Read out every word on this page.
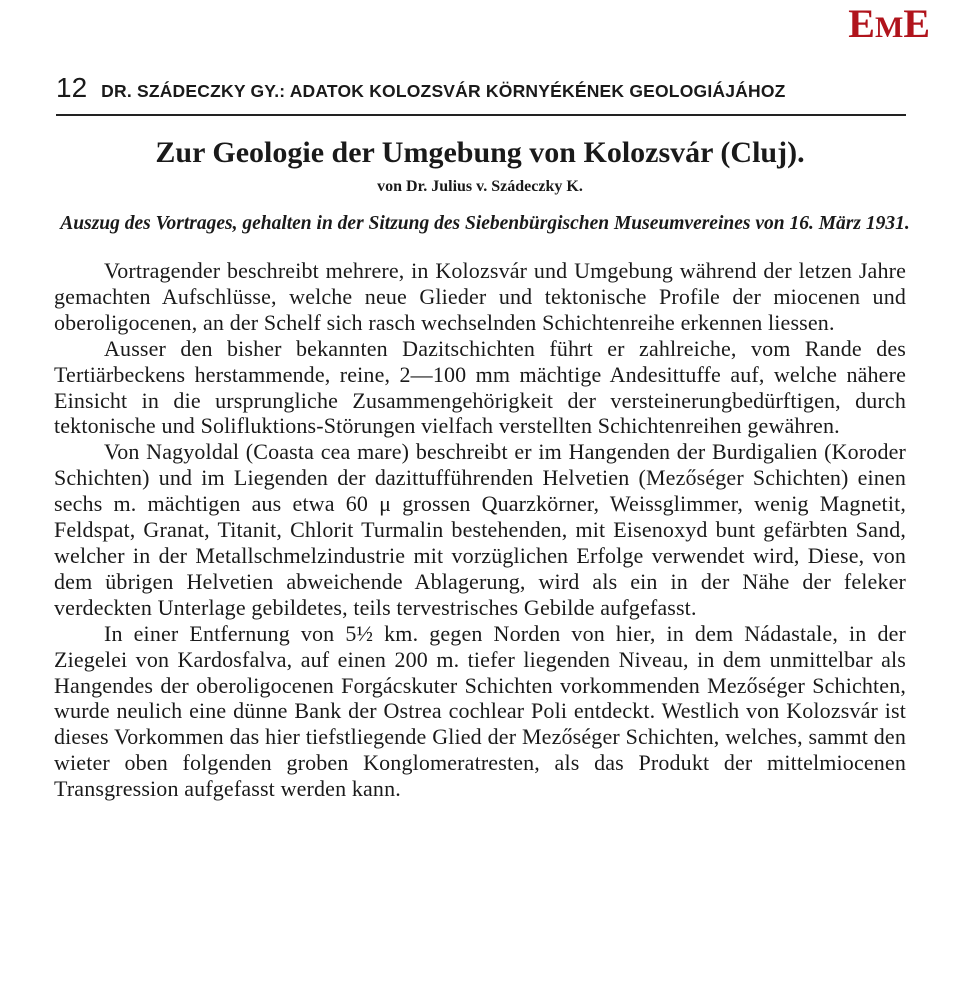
EME
12 DR. SZÁDECZKY GY.: ADATOK KOLOZSVÁR KÖRNYÉKÉNEK GEOLOGIÁJÁHOZ
Zur Geologie der Umgebung von Kolozsvár (Cluj).
von Dr. Julius v. Szádeczky K.
Auszug des Vortrages, gehalten in der Sitzung des Siebenbürgischen Museumvereines von 16. März 1931.

Vortragender beschreibt mehrere, in Kolozsvár und Umgebung während der letzen Jahre gemachten Aufschlüsse, welche neue Glieder und tektonische Profile der miocenen und oberoligocenen, an der Schelf sich rasch wechselnden Schichtenreihe erkennen liessen.

Ausser den bisher bekannten Dazitschichten führt er zahlreiche, vom Rande des Tertiärbeckens herstammende, reine, 2—100 mm mächtige Andesittuffe auf, welche nähere Einsicht in die ursprungliche Zusammengehörigkeit der versteinerungbedürftigen, durch tektonische und Solifluktions-Störungen vielfach verstellten Schichtenreihen gewähren.

Von Nagyoldal (Coasta cea mare) beschreibt er im Hangenden der Burdigalien (Koroder Schichten) und im Liegenden der dazittufführenden Helvetien (Mezőséger Schichten) einen sechs m. mächtigen aus etwa 60 μ grossen Quarzkörner, Weissglimmer, wenig Magnetit, Feldspat, Granat, Titanit, Chlorit Turmalin bestehenden, mit Eisenoxyd bunt gefärbten Sand, welcher in der Metallschmelzindustrie mit vorzüglichen Erfolge verwendet wird, Diese, von dem übrigen Helvetien abweichende Ablagerung, wird als ein in der Nähe der feleker verdeckten Unterlage gebildetes, teils tervestrisches Gebilde aufgefasst.

In einer Entfernung von 5½ km. gegen Norden von hier, in dem Nádastale, in der Ziegelei von Kardosfalva, auf einen 200 m. tiefer liegenden Niveau, in dem unmittelbar als Hangendes der oberoligocenen Forgácskuter Schichten vorkommenden Mezőséger Schichten, wurde neulich eine dünne Bank der Ostrea cochlear Poli entdeckt. Westlich von Kolozsvár ist dieses Vorkommen das hier tiefstliegende Glied der Mezőséger Schichten, welches, sammt den wieter oben folgenden groben Konglomeratresten, als das Produkt der mittelmiocenen Transgression aufgefasst werden kann.
